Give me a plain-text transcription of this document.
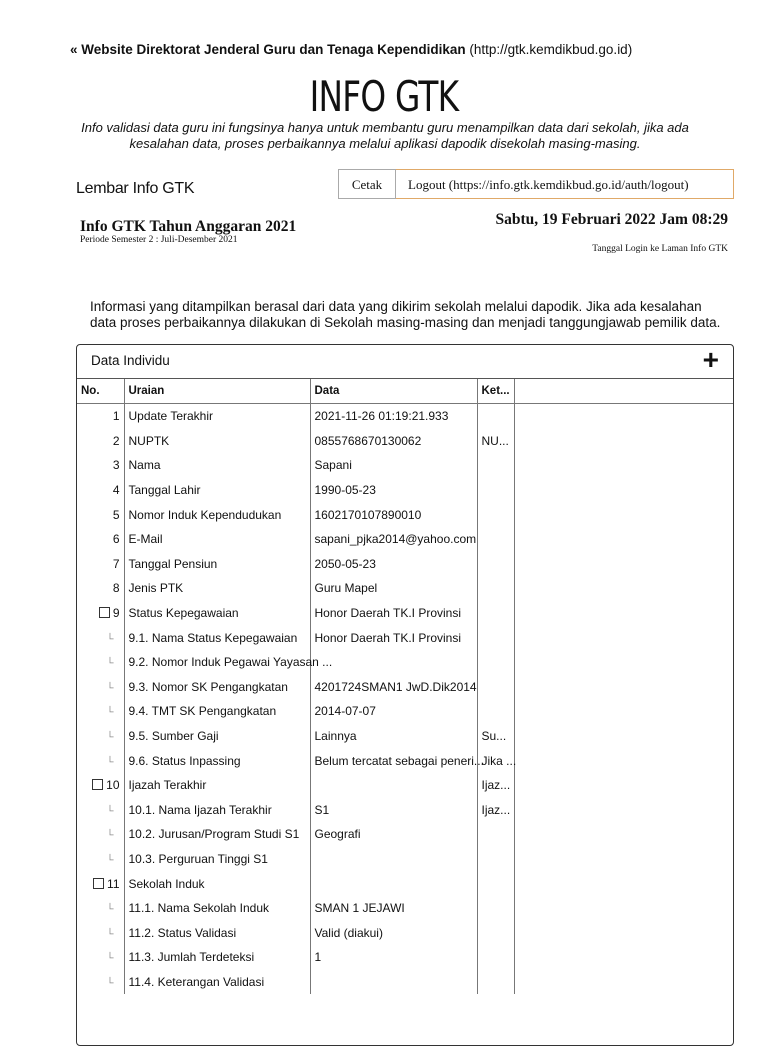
« Website Direktorat Jenderal Guru dan Tenaga Kependidikan (http://gtk.kemdikbud.go.id)
INFO GTK
Info validasi data guru ini fungsinya hanya untuk membantu guru menampilkan data dari sekolah, jika ada kesalahan data, proses perbaikannya melalui aplikasi dapodik disekolah masing-masing.
Lembar Info GTK	Cetak	Logout (https://info.gtk.kemdikbud.go.id/auth/logout)
Info GTK Tahun Anggaran 2021
Periode Semester 2 : Juli-Desember 2021
Sabtu, 19 Februari 2022 Jam 08:29
Tanggal Login ke Laman Info GTK
Informasi yang ditampilkan berasal dari data yang dikirim sekolah melalui dapodik. Jika ada kesalahan data proses perbaikannya dilakukan di Sekolah masing-masing dan menjadi tanggungjawab pemilik data.
Data Individu	+
No.	Uraian	Data	Ket...	
1	Update Terakhir	2021-11-26 01:19:21.933		
2	NUPTK	0855768670130062	NU...	
3	Nama	Sapani		
4	Tanggal Lahir	1990-05-23		
5	Nomor Induk Kependudukan	1602170107890010		
6	E-Mail	sapani_pjka2014@yahoo.com		
7	Tanggal Pensiun	2050-05-23		
8	Jenis PTK	Guru Mapel		
9	Status Kepegawaian	Honor Daerah TK.I Provinsi		
└	9.1. Nama Status Kepegawaian	Honor Daerah TK.I Provinsi		
└	9.2. Nomor Induk Pegawai Yayasan ...			
└	9.3. Nomor SK Pengangkatan	4201724SMAN1 JwD.Dik2014		
└	9.4. TMT SK Pengangkatan	2014-07-07		
└	9.5. Sumber Gaji	Lainnya	Su...	
└	9.6. Status Inpassing	Belum tercatat sebagai peneri...	Jika ...	
10	Ijazah Terakhir		Ijaz...	
└	10.1. Nama Ijazah Terakhir	S1	Ijaz...	
└	10.2. Jurusan/Program Studi S1	Geografi		
└	10.3. Perguruan Tinggi S1			
11	Sekolah Induk			
└	11.1. Nama Sekolah Induk	SMAN 1 JEJAWI		
└	11.2. Status Validasi	Valid (diakui)		
└	11.3. Jumlah Terdeteksi	1		
└	11.4. Keterangan Validasi			
